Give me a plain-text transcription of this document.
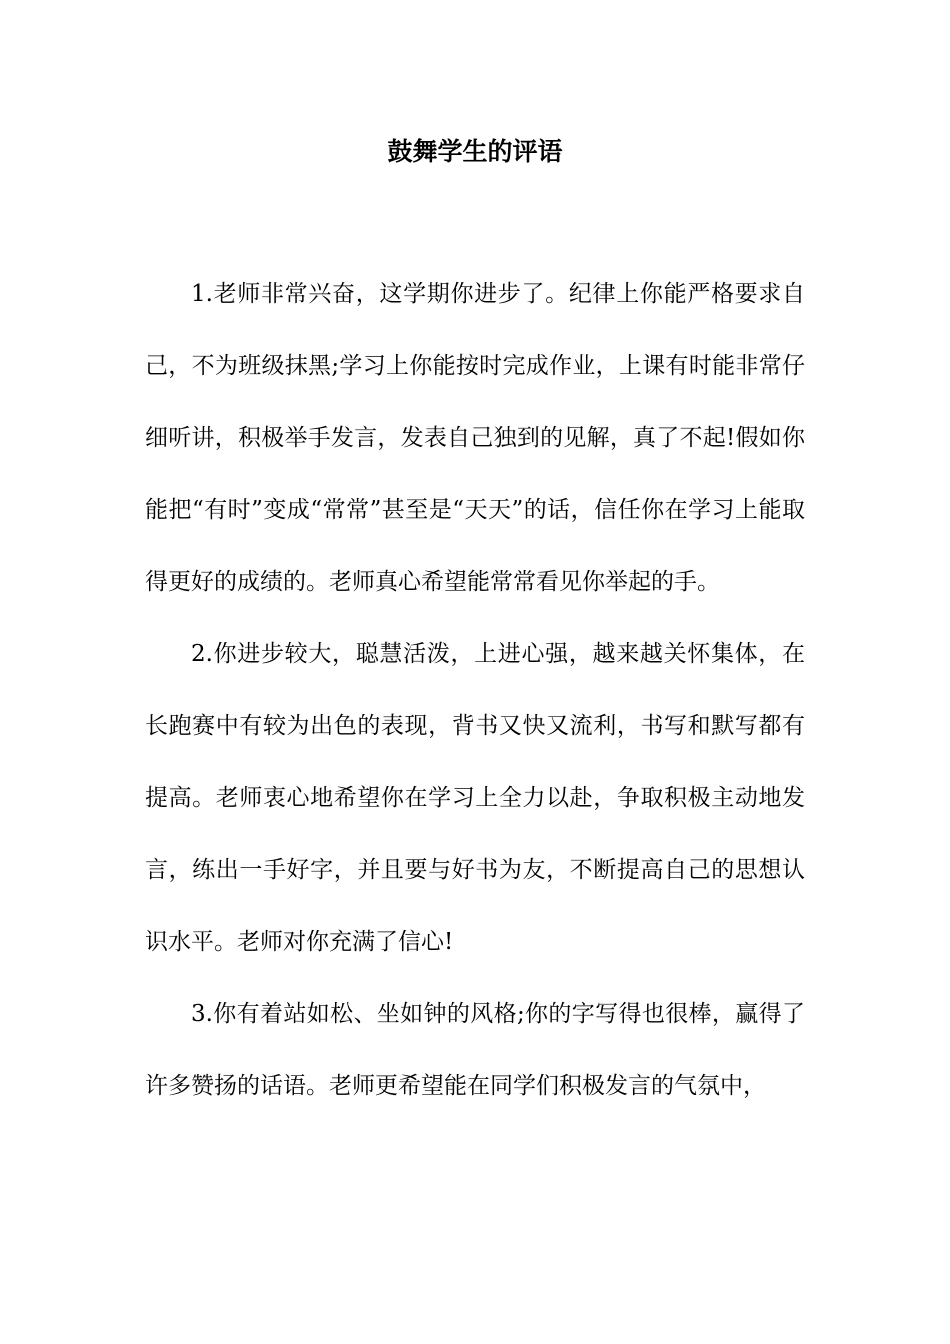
鼓舞学生的评语

1.老师非常兴奋，这学期你进步了。纪律上你能严格要求自己，不为班级抹黑;学习上你能按时完成作业，上课有时能非常仔细听讲，积极举手发言，发表自己独到的见解，真了不起!假如你能把“有时”变成“常常”甚至是“天天”的话，信任你在学习上能取得更好的成绩的。老师真心希望能常常看见你举起的手。

2.你进步较大，聪慧活泼，上进心强，越来越关怀集体，在长跑赛中有较为出色的表现，背书又快又流利，书写和默写都有提高。老师衷心地希望你在学习上全力以赴，争取积极主动地发言，练出一手好字，并且要与好书为友，不断提高自己的思想认识水平。老师对你充满了信心!

3.你有着站如松、坐如钟的风格;你的字写得也很棒，赢得了许多赞扬的话语。老师更希望能在同学们积极发言的气氛中，
